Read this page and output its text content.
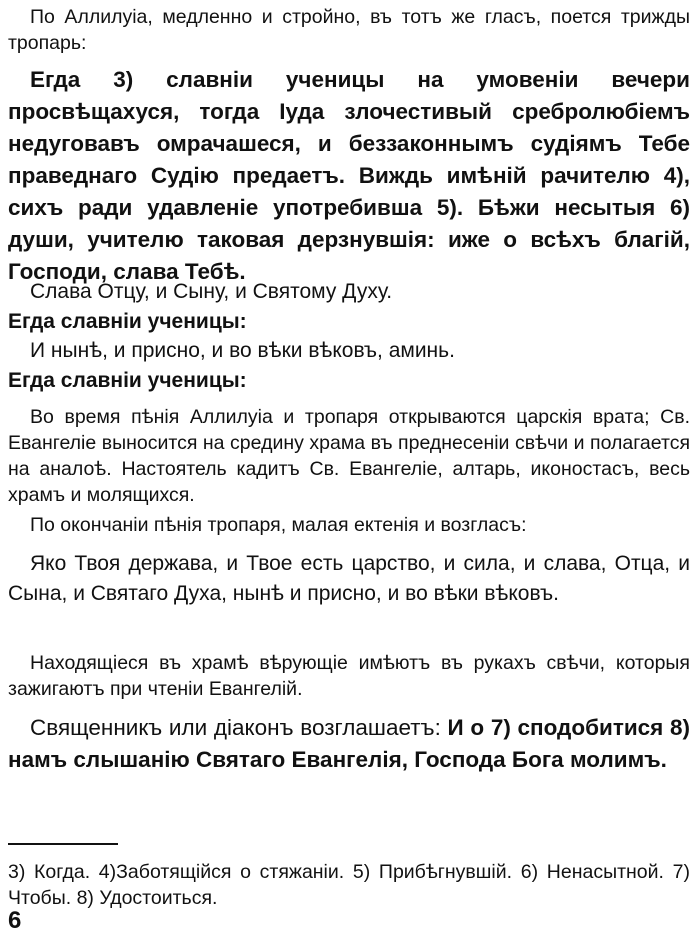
По Аллилуіа, медленно и стройно, въ тотъ же гласъ, поется трижды тропарь:

Егда 3) славніи ученицы на умовеніи вечери просвѣщахуся, тогда Іуда злочестивый сребролюбіемъ недуговавъ омрачашеся, и беззаконнымъ судіямъ Тебе праведнаго Судію предаетъ. Виждь имѣній рачителю 4), сихъ ради удавленіе употребивша 5). Бѣжи несытыя 6) души, учителю таковая дерзнувшія: иже о всѣхъ благій, Господи, слава Тебѣ.

Слава Отцу, и Сыну, и Святому Духу.

Егда славніи ученицы:

И нынѣ, и присно, и во вѣки вѣковъ, аминь.

Егда славніи ученицы:

Во время пѣнія Аллилуіа и тропаря открываются царскія врата; Св. Евангеліе выносится на средину храма въ преднесеніи свѣчи и полагается на аналоѣ. Настоятель кадитъ Св. Евангеліе, алтарь, иконостасъ, весь храмъ и молящихся.

По окончаніи пѣнія тропаря, малая ектенія и возгласъ:

Яко Твоя держава, и Твое есть царство, и сила, и слава, Отца, и Сына, и Святаго Духа, нынѣ и присно, и во вѣки вѣковъ.

Находящіеся въ храмѣ вѣрующіе имѣютъ въ рукахъ свѣчи, которыя зажигаютъ при чтеніи Евангелій.

Священникъ или діаконъ возглашаетъ: И о 7) сподобитися 8) намъ слышанію Святаго Евангелія, Господа Бога молимъ.

3) Когда. 4)Заботящійся о стяжаніи. 5) Прибѣгнувшій. 6) Ненасытной. 7) Чтобы. 8) Удостоиться.

6
